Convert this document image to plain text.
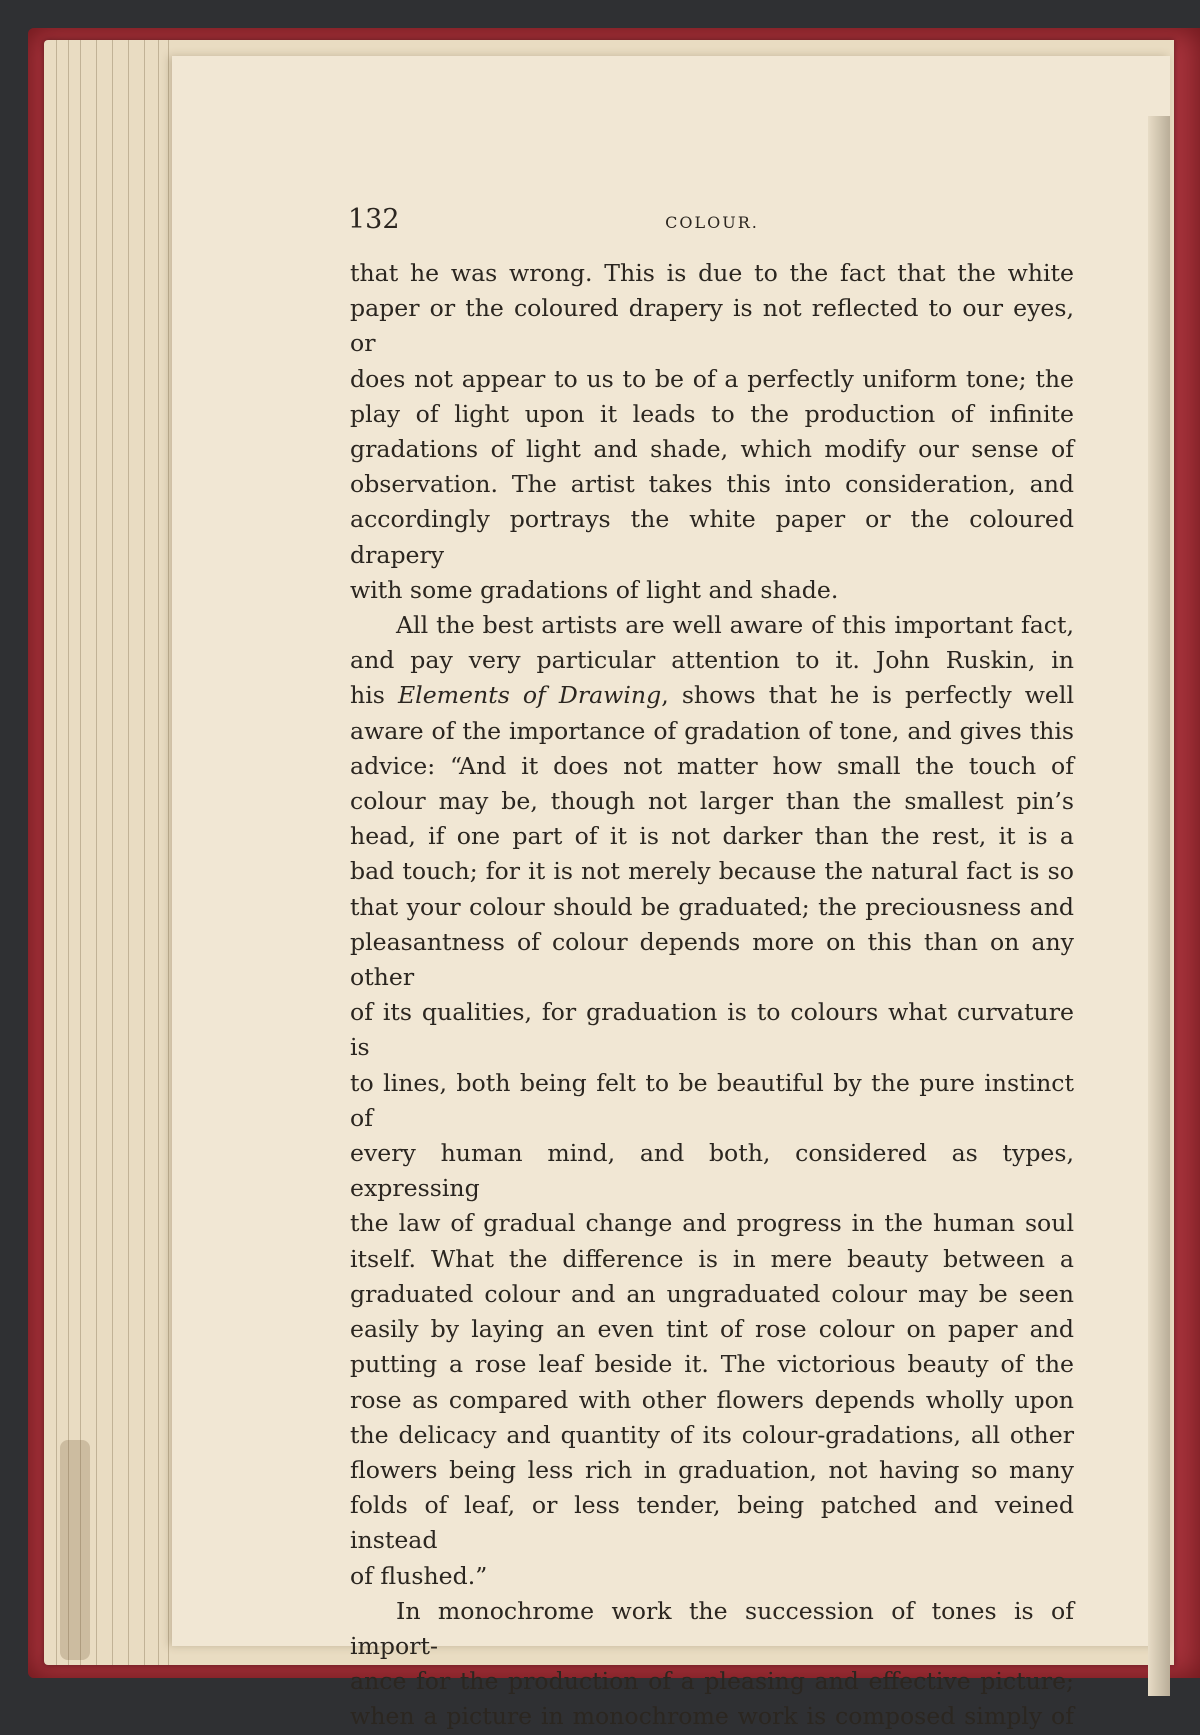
132	COLOUR.

that he was wrong. This is due to the fact that the white

paper or the coloured drapery is not reflected to our eyes, or

does not appear to us to be of a perfectly uniform tone; the

play of light upon it leads to the production of infinite

gradations of light and shade, which modify our sense of

observation. The artist takes this into consideration, and

accordingly portrays the white paper or the coloured drapery

with some gradations of light and shade.

All the best artists are well aware of this important fact,

and pay very particular attention to it. John Ruskin, in

his Elements of Drawing, shows that he is perfectly well

aware of the importance of gradation of tone, and gives this

advice: “And it does not matter how small the touch of

colour may be, though not larger than the smallest pin’s

head, if one part of it is not darker than the rest, it is a

bad touch; for it is not merely because the natural fact is so

that your colour should be graduated; the preciousness and

pleasantness of colour depends more on this than on any other

of its qualities, for graduation is to colours what curvature is

to lines, both being felt to be beautiful by the pure instinct of

every human mind, and both, considered as types, expressing

the law of gradual change and progress in the human soul

itself. What the difference is in mere beauty between a

graduated colour and an ungraduated colour may be seen

easily by laying an even tint of rose colour on paper and

putting a rose leaf beside it. The victorious beauty of the

rose as compared with other flowers depends wholly upon

the delicacy and quantity of its colour-gradations, all other

flowers being less rich in graduation, not having so many

folds of leaf, or less tender, being patched and veined instead

of flushed.”

In monochrome work the succession of tones is of import-

ance for the production of a pleasing and effective picture;

when a picture in monochrome work is composed simply of
